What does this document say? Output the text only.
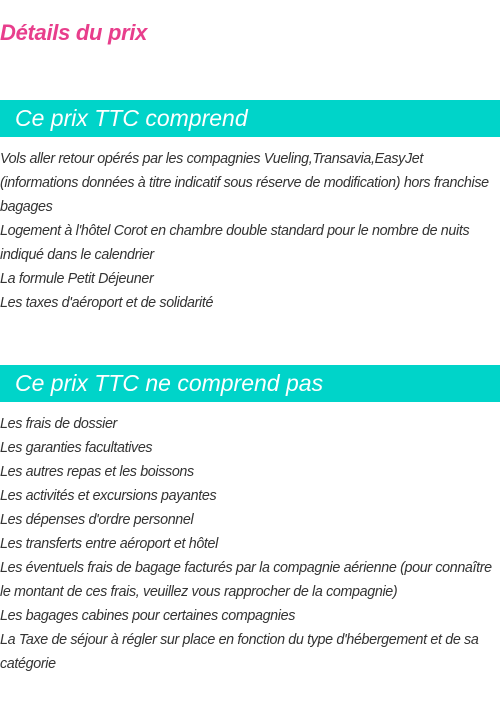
Détails du prix
Ce prix TTC comprend
Vols aller retour opérés par les compagnies Vueling,Transavia,EasyJet (informations données à titre indicatif sous réserve de modification) hors franchise bagages
Logement à l'hôtel Corot en chambre double standard pour le nombre de nuits indiqué dans le calendrier
La formule Petit Déjeuner
Les taxes d'aéroport et de solidarité
Ce prix TTC ne comprend pas
Les frais de dossier
Les garanties facultatives
Les autres repas et les boissons
Les activités et excursions payantes
Les dépenses d'ordre personnel
Les transferts entre aéroport et hôtel
Les éventuels frais de bagage facturés par la compagnie aérienne (pour connaître le montant de ces frais, veuillez vous rapprocher de la compagnie)
Les bagages cabines pour certaines compagnies
La Taxe de séjour à régler sur place en fonction du type d'hébergement et de sa catégorie
